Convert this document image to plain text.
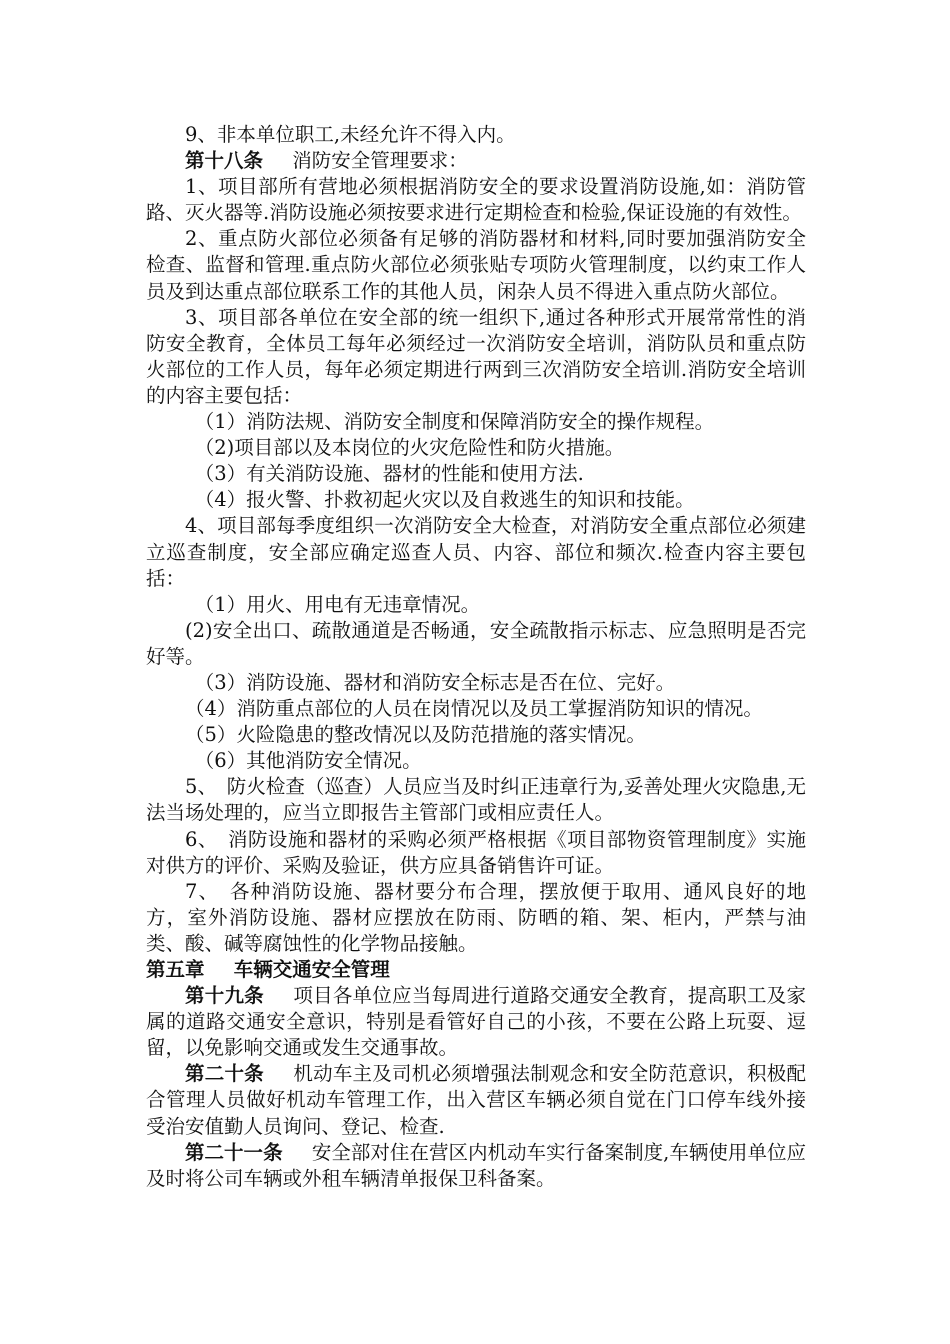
9、非本单位职工,未经允许不得入内。

第十八条 消防安全管理要求：

1、项目部所有营地必须根据消防安全的要求设置消防设施,如：消防管路、灭火器等.消防设施必须按要求进行定期检查和检验,保证设施的有效性。

2、重点防火部位必须备有足够的消防器材和材料,同时要加强消防安全检查、监督和管理.重点防火部位必须张贴专项防火管理制度，以约束工作人员及到达重点部位联系工作的其他人员，闲杂人员不得进入重点防火部位。

3、项目部各单位在安全部的统一组织下,通过各种形式开展常常性的消防安全教育，全体员工每年必须经过一次消防安全培训，消防队员和重点防火部位的工作人员，每年必须定期进行两到三次消防安全培训.消防安全培训的内容主要包括：

（1）消防法规、消防安全制度和保障消防安全的操作规程。

（2)项目部以及本岗位的火灾危险性和防火措施。

（3）有关消防设施、器材的性能和使用方法.

（4）报火警、扑救初起火灾以及自救逃生的知识和技能。

4、项目部每季度组织一次消防安全大检查，对消防安全重点部位必须建立巡查制度，安全部应确定巡查人员、内容、部位和频次.检查内容主要包括：

（1）用火、用电有无违章情况。

(2)安全出口、疏散通道是否畅通，安全疏散指示标志、应急照明是否完好等。

（3）消防设施、器材和消防安全标志是否在位、完好。

（4）消防重点部位的人员在岗情况以及员工掌握消防知识的情况。

（5）火险隐患的整改情况以及防范措施的落实情况。

（6）其他消防安全情况。

5、　防火检查（巡查）人员应当及时纠正违章行为,妥善处理火灾隐患,无法当场处理的，应当立即报告主管部门或相应责任人。

6、　消防设施和器材的采购必须严格根据《项目部物资管理制度》实施对供方的评价、采购及验证，供方应具备销售许可证。

7、　各种消防设施、器材要分布合理，摆放便于取用、通风良好的地方，室外消防设施、器材应摆放在防雨、防晒的箱、架、柜内，严禁与油类、酸、碱等腐蚀性的化学物品接触。

第五章 车辆交通安全管理

第十九条 项目各单位应当每周进行道路交通安全教育，提高职工及家属的道路交通安全意识，特别是看管好自己的小孩，不要在公路上玩耍、逗留，以免影响交通或发生交通事故。

第二十条 机动车主及司机必须增强法制观念和安全防范意识，积极配合管理人员做好机动车管理工作，出入营区车辆必须自觉在门口停车线外接受治安值勤人员询问、登记、检查.

第二十一条 安全部对住在营区内机动车实行备案制度,车辆使用单位应及时将公司车辆或外租车辆清单报保卫科备案。
